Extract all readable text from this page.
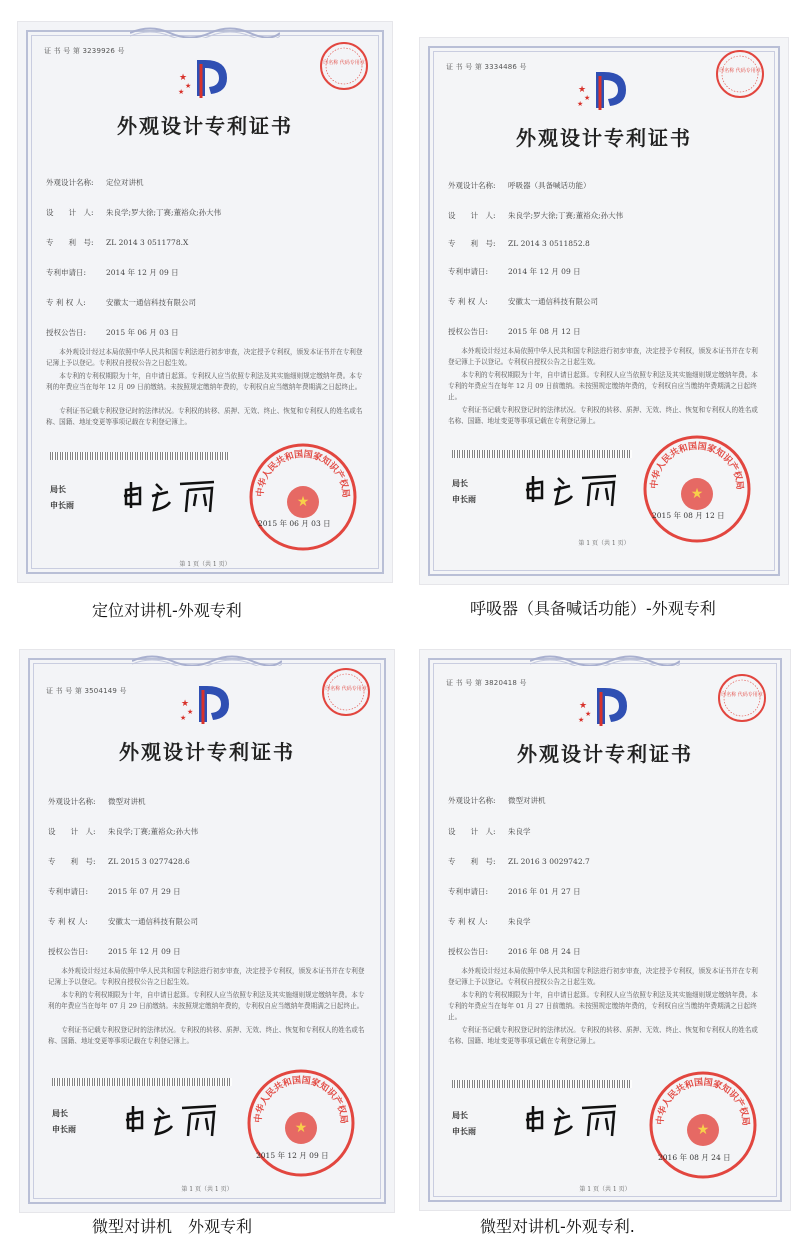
证 书 号 第 3239926 号
★
★
★
印名称 代码专用章
外观设计专利证书
外观设计名称: 定位对讲机
设　　计　人: 朱良学;罗大徐;丁赛;董裕众;孙大伟
专　　利　号: ZL 2014 3 0511778.X
专利申请日:	2014 年 12 月 09 日
专 利 权 人:	安徽太一通信科技有限公司
授权公告日:	2015 年 06 月 03 日
本外观设计经过本局依照中华人民共和国专利法进行初步审查，决定授予专利权，颁发本证书并在专利登记簿上予以登记。专利权自授权公告之日起生效。
本专利的专利权期限为十年，自申请日起算。专利权人应当依照专利法及其实施细则规定缴纳年费。本专利的年费应当在每年 12 月 09 日前缴纳。未按照规定缴纳年费的，专利权自应当缴纳年费期满之日起终止。
专利证书记载专利权登记时的法律状况。专利权的转移、质押、无效、终止、恢复和专利权人的姓名或名称、国籍、地址变更等事项记载在专利登记簿上。
局长
申长雨
中华人民共和国国家知识产权局
★
2015 年 06 月 03 日
第 1 页（共 1 页）
定位对讲机-外观专利
证 书 号 第 3334486 号
★
★
★
印名称 代码专用章
外观设计专利证书
外观设计名称: 呼吸器（具备喊话功能）
设　　计　人: 朱良学;罗大徐;丁赛;董裕众;孙大伟
专　　利　号: ZL 2014 3 0511852.8
专利申请日:	2014 年 12 月 09 日
专 利 权 人:	安徽太一通信科技有限公司
授权公告日:	2015 年 08 月 12 日
本外观设计经过本局依照中华人民共和国专利法进行初步审查，决定授予专利权，颁发本证书并在专利登记簿上予以登记。专利权自授权公告之日起生效。
本专利的专利权期限为十年，自申请日起算。专利权人应当依照专利法及其实施细则规定缴纳年费。本专利的年费应当在每年 12 月 09 日前缴纳。未按照规定缴纳年费的，专利权自应当缴纳年费期满之日起终止。
专利证书记载专利权登记时的法律状况。专利权的转移、质押、无效、终止、恢复和专利权人的姓名或名称、国籍、地址变更等事项记载在专利登记簿上。
局长
申长雨
中华人民共和国国家知识产权局
★
2015 年 08 月 12 日
第 1 页（共 1 页）
呼吸器（具备喊话功能）-外观专利
证 书 号 第 3504149 号
★
★
★
印名称 代码专用章
外观设计专利证书
外观设计名称: 微型对讲机
设　　计　人: 朱良学;丁赛;董裕众;孙大伟
专　　利　号: ZL 2015 3 0277428.6
专利申请日:	2015 年 07 月 29 日
专 利 权 人:	安徽太一通信科技有限公司
授权公告日:	2015 年 12 月 09 日
本外观设计经过本局依照中华人民共和国专利法进行初步审查，决定授予专利权，颁发本证书并在专利登记簿上予以登记。专利权自授权公告之日起生效。
本专利的专利权期限为十年，自申请日起算。专利权人应当依照专利法及其实施细则规定缴纳年费。本专利的年费应当在每年 07 月 29 日前缴纳。未按照规定缴纳年费的，专利权自应当缴纳年费期满之日起终止。
专利证书记载专利权登记时的法律状况。专利权的转移、质押、无效、终止、恢复和专利权人的姓名或名称、国籍、地址变更等事项记载在专利登记簿上。
局长
申长雨
中华人民共和国国家知识产权局
★
2015 年 12 月 09 日
第 1 页（共 1 页）
微型对讲机　外观专利
证 书 号 第 3820418 号
★
★
★
印名称 代码专用章
外观设计专利证书
外观设计名称: 微型对讲机
设　　计　人: 朱良学
专　　利　号: ZL 2016 3 0029742.7
专利申请日:	2016 年 01 月 27 日
专 利 权 人:	朱良学
授权公告日:	2016 年 08 月 24 日
本外观设计经过本局依照中华人民共和国专利法进行初步审查，决定授予专利权，颁发本证书并在专利登记簿上予以登记。专利权自授权公告之日起生效。
本专利的专利权期限为十年，自申请日起算。专利权人应当依照专利法及其实施细则规定缴纳年费。本专利的年费应当在每年 01 月 27 日前缴纳。未按照规定缴纳年费的，专利权自应当缴纳年费期满之日起终止。
专利证书记载专利权登记时的法律状况。专利权的转移、质押、无效、终止、恢复和专利权人的姓名或名称、国籍、地址变更等事项记载在专利登记簿上。
局长
申长雨
中华人民共和国国家知识产权局
★
2016 年 08 月 24 日
第 1 页（共 1 页）
微型对讲机-外观专利.
